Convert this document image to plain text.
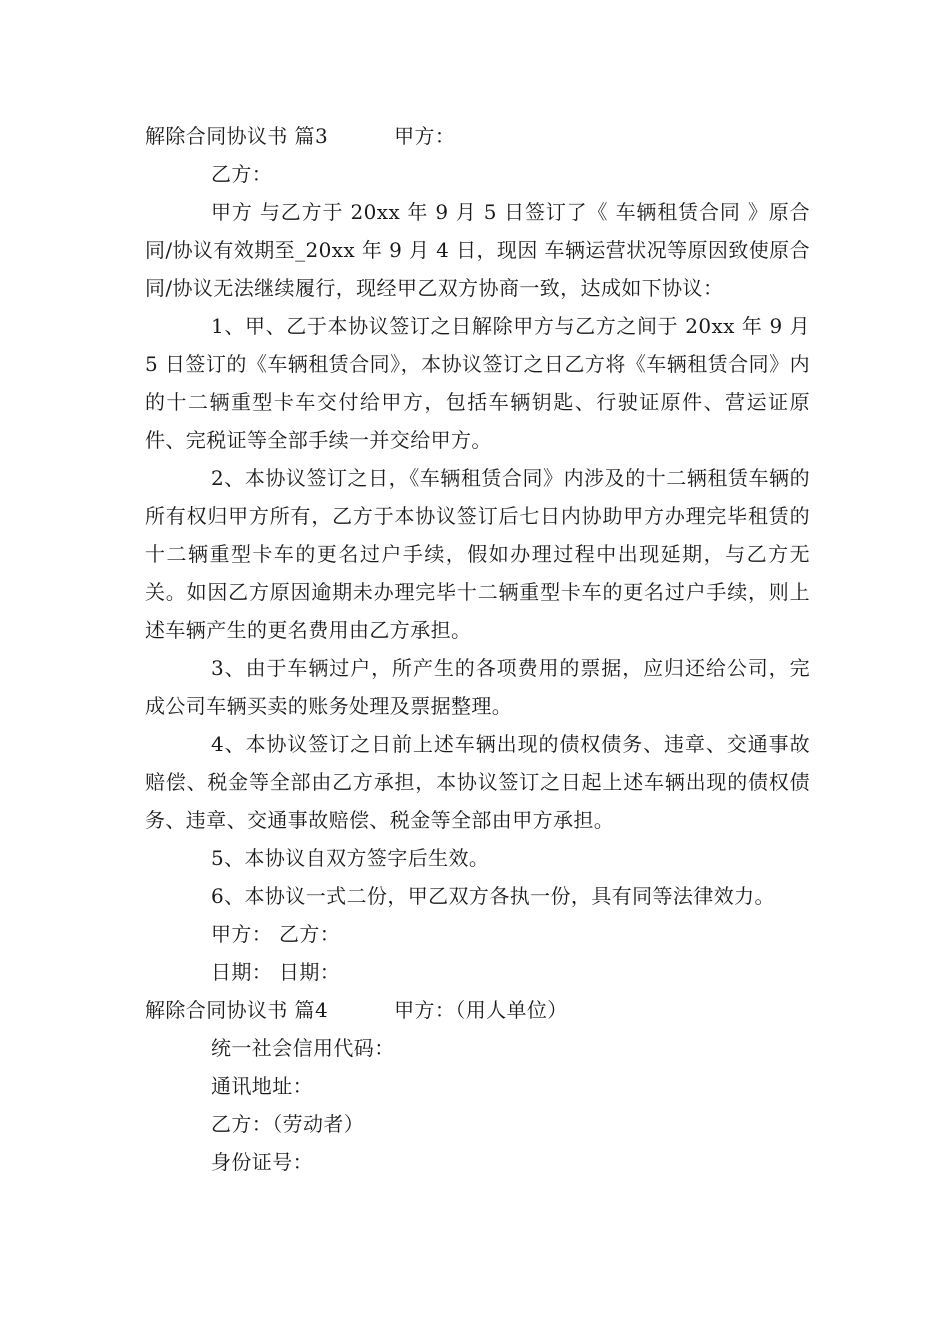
解除合同协议书 篇3	甲方：
乙方：
甲方 与乙方于 20xx 年 9 月 5 日签订了《 车辆租赁合同 》原合同/协议有效期至_20xx 年 9 月 4 日，现因 车辆运营状况等原因致使原合同/协议无法继续履行，现经甲乙双方协商一致，达成如下协议：
1、甲、乙于本协议签订之日解除甲方与乙方之间于 20xx 年 9 月 5 日签订的《车辆租赁合同》，本协议签订之日乙方将《车辆租赁合同》内的十二辆重型卡车交付给甲方，包括车辆钥匙、行驶证原件、营运证原件、完税证等全部手续一并交给甲方。
2、本协议签订之日，《车辆租赁合同》内涉及的十二辆租赁车辆的所有权归甲方所有，乙方于本协议签订后七日内协助甲方办理完毕租赁的十二辆重型卡车的更名过户手续，假如办理过程中出现延期，与乙方无关。如因乙方原因逾期未办理完毕十二辆重型卡车的更名过户手续，则上述车辆产生的更名费用由乙方承担。
3、由于车辆过户，所产生的各项费用的票据，应归还给公司，完成公司车辆买卖的账务处理及票据整理。
4、本协议签订之日前上述车辆出现的债权债务、违章、交通事故赔偿、税金等全部由乙方承担，本协议签订之日起上述车辆出现的债权债务、违章、交通事故赔偿、税金等全部由甲方承担。
5、本协议自双方签字后生效。
6、本协议一式二份，甲乙双方各执一份，具有同等法律效力。
甲方： 乙方：
日期： 日期：
解除合同协议书 篇4	甲方：（用人单位）
统一社会信用代码：
通讯地址：
乙方：（劳动者）
身份证号：
